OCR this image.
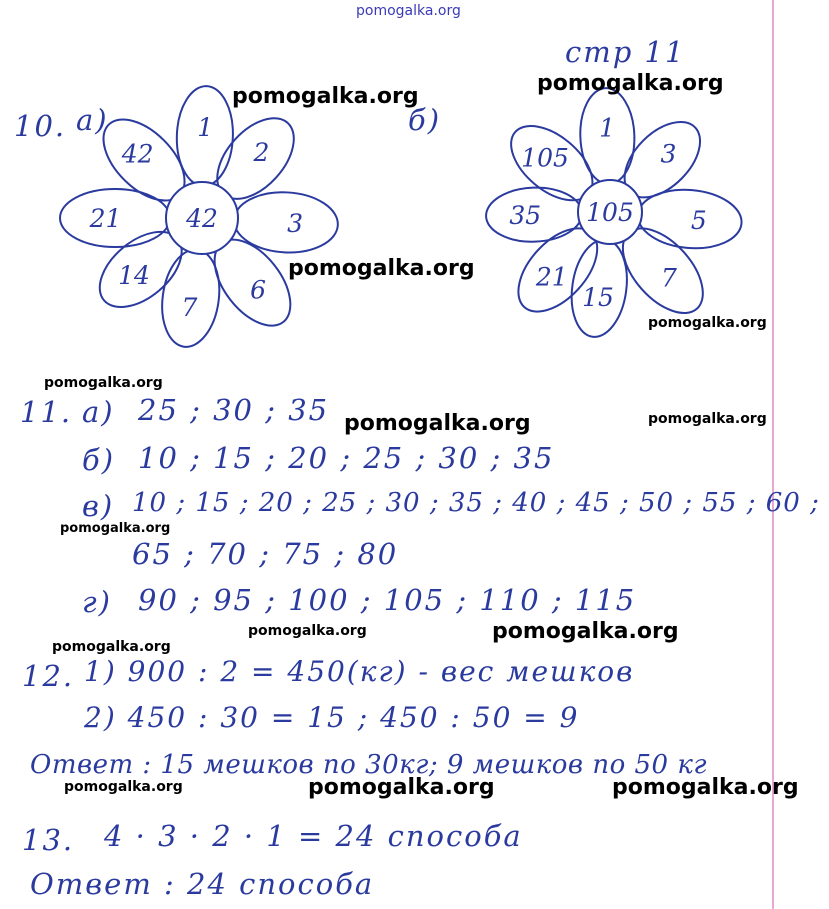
10. а)	б)
стр 11
1
2
3
6
7
14
21
42
42
1
3
5
7
15
21
35
105
105
11. а) 25 ; 30 ; 35
б) 10 ; 15 ; 20 ; 25 ; 30 ; 35
в) 10 ; 15 ; 20 ; 25 ; 30 ; 35 ; 40 ; 45 ; 50 ; 55 ; 60 ;
65 ; 70 ; 75 ; 80
г) 90 ; 95 ; 100 ; 105 ; 110 ; 115
12. 1) 900 : 2 = 450(кг) - вес мешков
2) 450 : 30 = 15 ; 450 : 50 = 9
Ответ : 15 мешков по 30кг; 9 мешков по 50 кг
13. 4 · 3 · 2 · 1 = 24 способа
Ответ : 24 способа
pomogalka.org
pomogalka.org
pomogalka.org
pomogalka.org
pomogalka.org
pomogalka.org
pomogalka.org	pomogalka.org
pomogalka.org
pomogalka.org
pomogalka.org	pomogalka.org
pomogalka.org	pomogalka.org	pomogalka.org
